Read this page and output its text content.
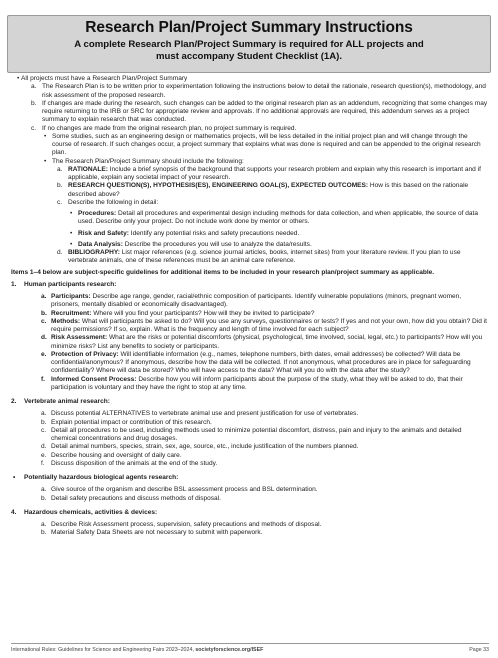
Research Plan/Project Summary Instructions
A complete Research Plan/Project Summary is required for ALL projects and
must accompany Student Checklist (1A).
• All projects must have a Research Plan/Project Summary
a. The Research Plan is to be written prior to experimentation following the instructions below to detail the rationale, research question(s), methodology, and risk assessment of the proposed research.
b. If changes are made during the research, such changes can be added to the original research plan as an addendum, recognizing that some changes may require returning to the IRB or SRC for appropriate review and approvals. If no additional approvals are required, this addendum serves as a project summary to explain research that was conducted.
c. If no changes are made from the original research plan, no project summary is required.
• Some studies, such as an engineering design or mathematics projects, will be less detailed in the initial project plan and will change through the course of research. If such changes occur, a project summary that explains what was done is required and can be appended to the original research plan.
• The Research Plan/Project Summary should include the following:
a. RATIONALE: Include a brief synopsis of the background that supports your research problem and explain why this research is important and if applicable, explain any societal impact of your research.
b. RESEARCH QUESTION(S), HYPOTHESIS(ES), ENGINEERING GOAL(S), EXPECTED OUTCOMES: How is this based on the rationale described above?
c. Describe the following in detail:
• Procedures: Detail all procedures and experimental design including methods for data collection, and when applicable, the source of data used. Describe only your project. Do not include work done by mentor or others.
• Risk and Safety: Identify any potential risks and safety precautions needed.
• Data Analysis: Describe the procedures you will use to analyze the data/results.
d. BIBLIOGRAPHY: List major references (e.g. science journal articles, books, internet sites) from your literature review. If you plan to use vertebrate animals, one of these references must be an animal care reference.

Items 1–4 below are subject-specific guidelines for additional items to be included in your research plan/project summary as applicable.

1. Human participants research:
a. Participants: Describe age range, gender, racial/ethnic composition of participants. Identify vulnerable populations (minors, pregnant women, prisoners, mentally disabled or economically disadvantaged).
b. Recruitment: Where will you find your participants? How will they be invited to participate?
c. Methods: What will participants be asked to do? Will you use any surveys, questionnaires or tests? If yes and not your own, how did you obtain? Did it require permissions? If so, explain. What is the frequency and length of time involved for each subject?
d. Risk Assessment: What are the risks or potential discomforts (physical, psychological, time involved, social, legal, etc.) to participants? How will you minimize risks? List any benefits to society or participants.
e. Protection of Privacy: Will identifiable information (e.g., names, telephone numbers, birth dates, email addresses) be collected? Will data be confidential/anonymous? If anonymous, describe how the data will be collected. If not anonymous, what procedures are in place for safeguarding confidentiality? Where will data be stored? Who will have access to the data? What will you do with the data after the study?
f. Informed Consent Process: Describe how you will inform participants about the purpose of the study, what they will be asked to do, that their participation is voluntary and they have the right to stop at any time.
2. Vertebrate animal research:
a. Discuss potential ALTERNATIVES to vertebrate animal use and present justification for use of vertebrates.
b. Explain potential impact or contribution of this research.
c. Detail all procedures to be used, including methods used to minimize potential discomfort, distress, pain and injury to the animals and detailed chemical concentrations and drug dosages.
d. Detail animal numbers, species, strain, sex, age, source, etc., include justification of the numbers planned.
e. Describe housing and oversight of daily care.
f. Discuss disposition of the animals at the end of the study.
• Potentially hazardous biological agents research:
a. Give source of the organism and describe BSL assessment process and BSL determination.
b. Detail safety precautions and discuss methods of disposal.
4. Hazardous chemicals, activities & devices:
a. Describe Risk Assessment process, supervision, safety precautions and methods of disposal.
b. Material Safety Data Sheets are not necessary to submit with paperwork.
International Rules: Guidelines for Science and Engineering Fairs 2023–2024, societyforscience.org/ISEF	Page 33
